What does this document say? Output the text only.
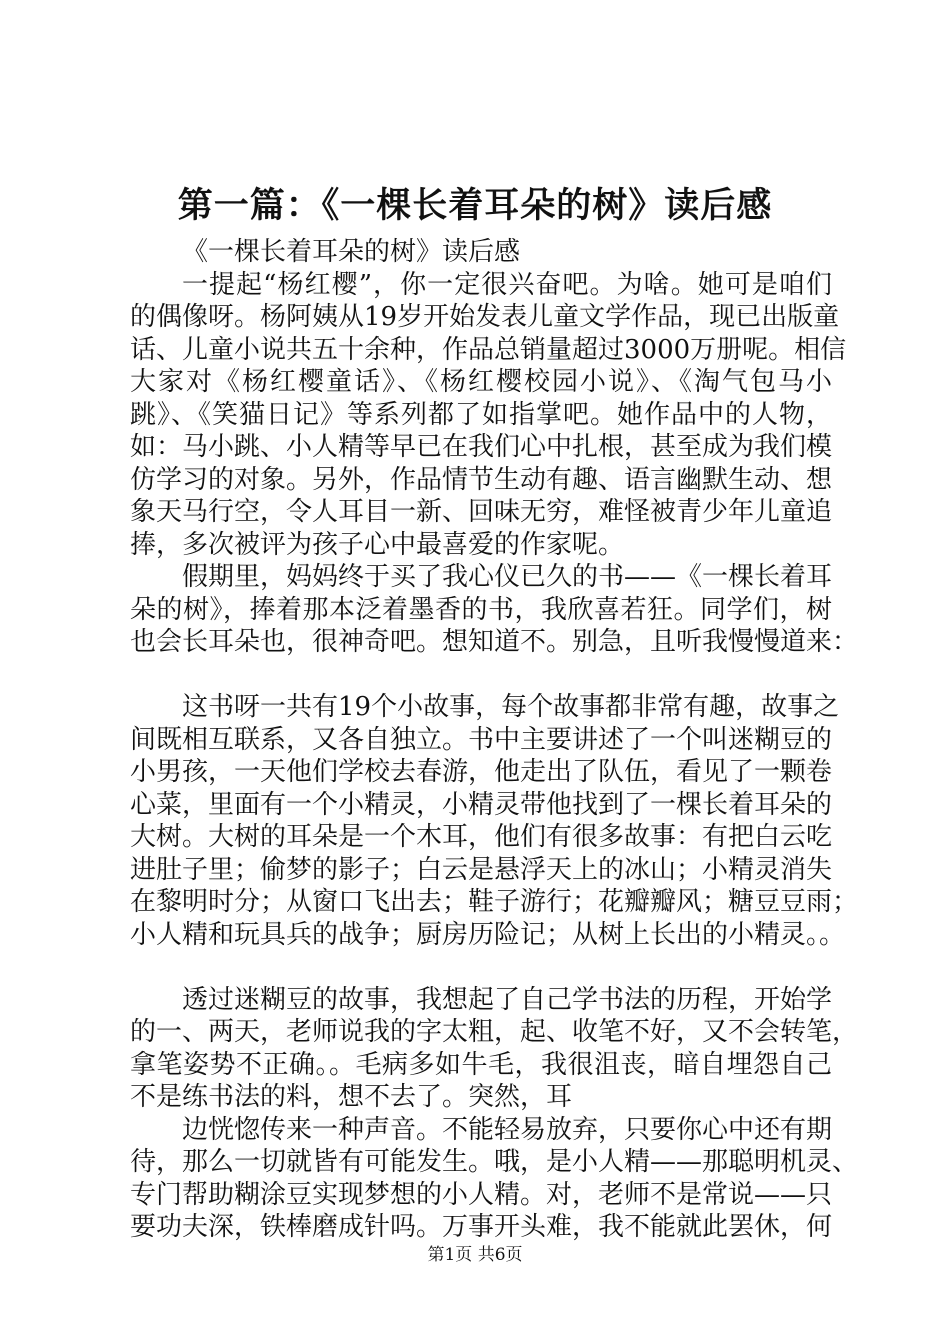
第一篇：《一棵长着耳朵的树》读后感
《一棵长着耳朵的树》读后感
一提起“杨红樱”，你一定很兴奋吧。为啥。她可是咱们
的偶像呀。杨阿姨从19岁开始发表儿童文学作品，现已出版童
话、儿童小说共五十余种，作品总销量超过3000万册呢。相信
大家对《杨红樱童话》、《杨红樱校园小说》、《淘气包马小
跳》、《笑猫日记》等系列都了如指掌吧。她作品中的人物，
如：马小跳、小人精等早已在我们心中扎根，甚至成为我们模
仿学习的对象。另外，作品情节生动有趣、语言幽默生动、想
象天马行空，令人耳目一新、回味无穷，难怪被青少年儿童追
捧，多次被评为孩子心中最喜爱的作家呢。
假期里，妈妈终于买了我心仪已久的书——《一棵长着耳
朵的树》，捧着那本泛着墨香的书，我欣喜若狂。同学们，树
也会长耳朵也，很神奇吧。想知道不。别急，且听我慢慢道来：
这书呀一共有19个小故事，每个故事都非常有趣，故事之
间既相互联系，又各自独立。书中主要讲述了一个叫迷糊豆的
小男孩，一天他们学校去春游，他走出了队伍，看见了一颗卷
心菜，里面有一个小精灵，小精灵带他找到了一棵长着耳朵的
大树。大树的耳朵是一个木耳，他们有很多故事：有把白云吃
进肚子里；偷梦的影子；白云是悬浮天上的冰山；小精灵消失
在黎明时分；从窗口飞出去；鞋子游行；花瓣瓣风；糖豆豆雨；
小人精和玩具兵的战争；厨房历险记；从树上长出的小精灵。。
透过迷糊豆的故事，我想起了自己学书法的历程，开始学
的一、两天，老师说我的字太粗，起、收笔不好，又不会转笔，
拿笔姿势不正确。。毛病多如牛毛，我很沮丧，暗自埋怨自己
不是练书法的料，想不去了。突然，耳
边恍惚传来一种声音。不能轻易放弃，只要你心中还有期
待，那么一切就皆有可能发生。哦，是小人精——那聪明机灵、
专门帮助糊涂豆实现梦想的小人精。对，老师不是常说——只
要功夫深，铁棒磨成针吗。万事开头难，我不能就此罢休，何
第1页 共6页
